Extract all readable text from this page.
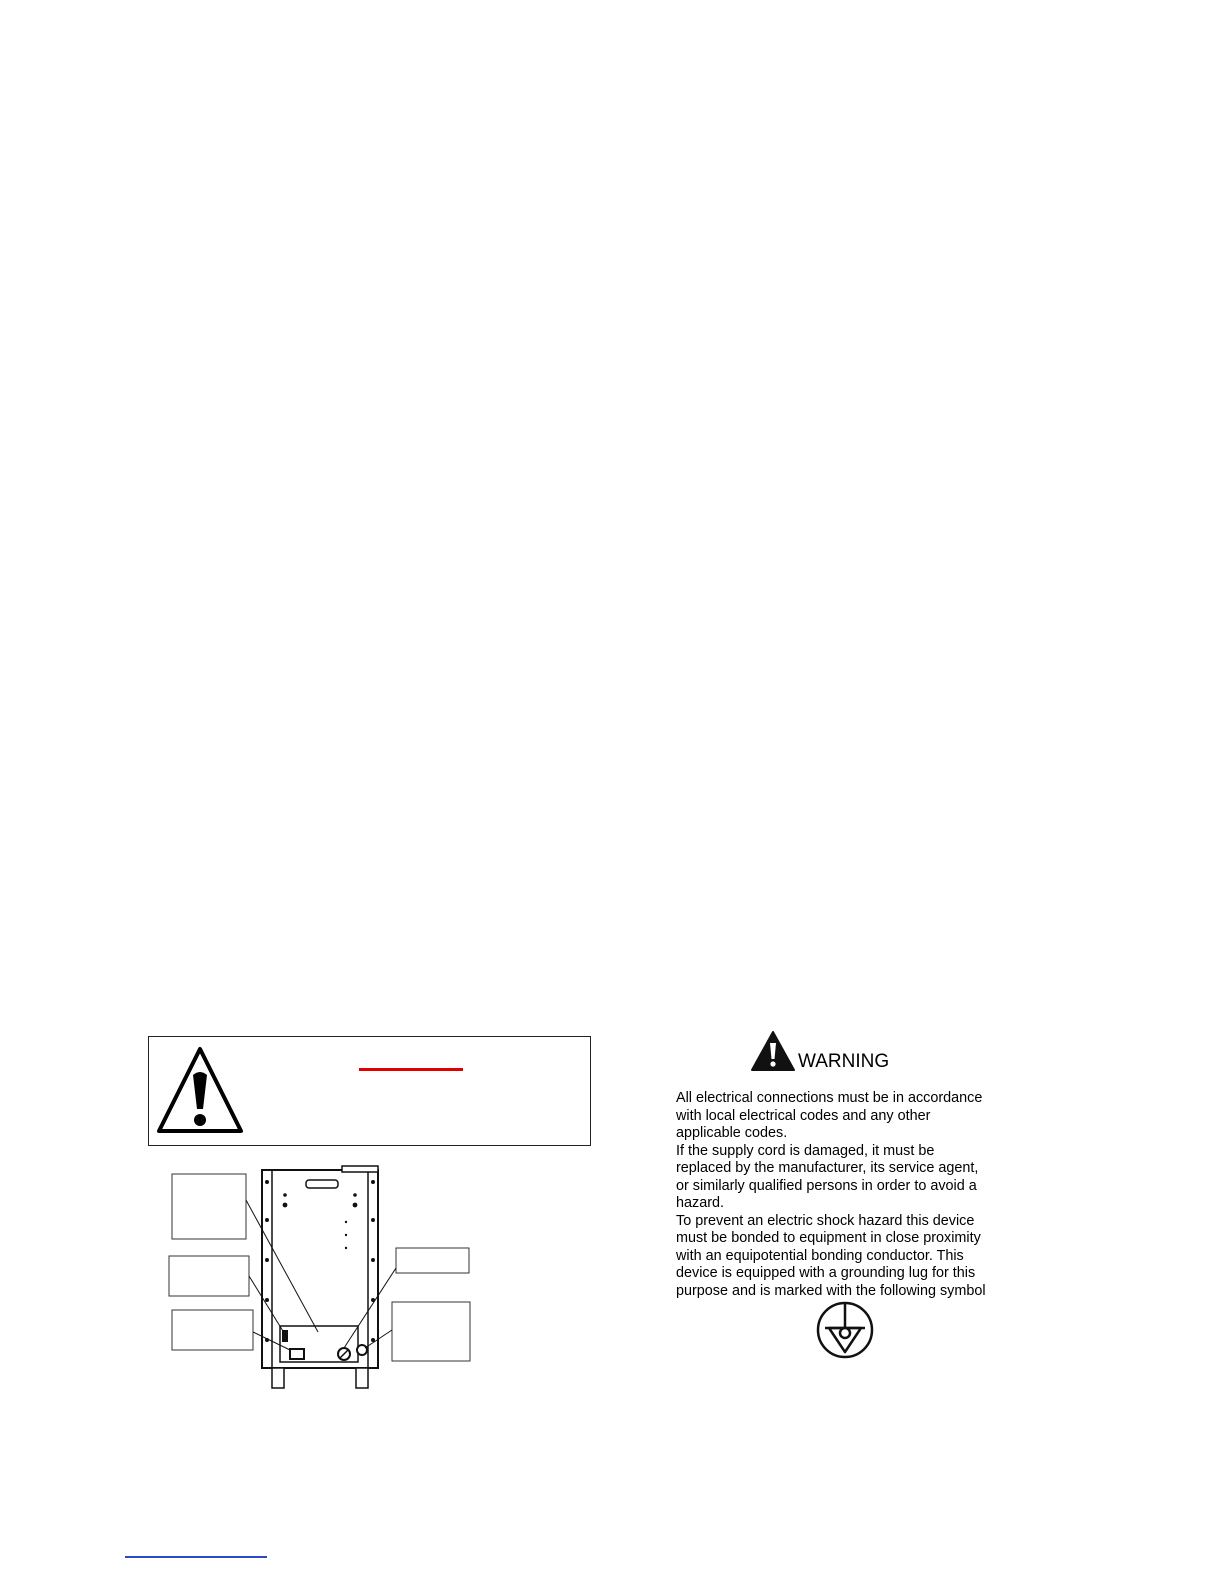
WARNING

All electrical connections must be in accordance

with local electrical codes and any other

applicable codes.

If the supply cord is damaged, it must be

replaced by the manufacturer, its service agent,

or similarly qualified persons in order to avoid a

hazard.

To prevent an electric shock hazard this device

must be bonded to equipment in close proximity

with an equipotential bonding conductor. This

device is equipped with a grounding lug for this

purpose and is marked with the following symbol
